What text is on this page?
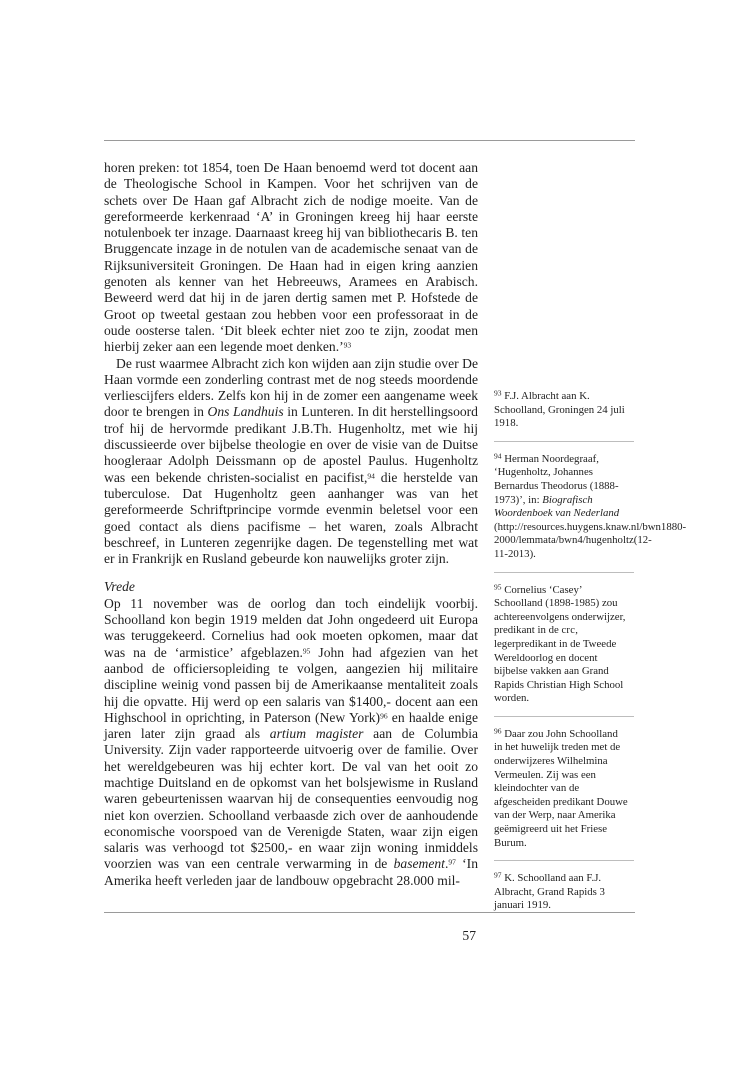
horen preken: tot 1854, toen De Haan benoemd werd tot docent aan de Theologische School in Kampen. Voor het schrijven van de schets over De Haan gaf Albracht zich de nodige moeite. Van de gereformeerde kerkenraad ‘A’ in Groningen kreeg hij haar eerste notulenboek ter inzage. Daarnaast kreeg hij van bibliothecaris B. ten Bruggencate inzage in de notulen van de academische senaat van de Rijksuniversiteit Groningen. De Haan had in eigen kring aanzien genoten als kenner van het Hebreeuws, Aramees en Arabisch. Beweerd werd dat hij in de jaren dertig samen met P. Hofstede de Groot op tweetal gestaan zou hebben voor een professoraat in de oude oosterse talen. ‘Dit bleek echter niet zoo te zijn, zoodat men hierbij zeker aan een legende moet denken.’$^{93}$

De rust waarmee Albracht zich kon wijden aan zijn studie over De Haan vormde een zonderling contrast met de nog steeds moordende verliescijfers elders. Zelfs kon hij in de zomer een aangename week door te brengen in Ons Landhuis in Lunteren. In dit herstellingsoord trof hij de hervormde predikant J.B.Th. Hugenholtz, met wie hij discussieerde over bijbelse theologie en over de visie van de Duitse hoogleraar Adolph Deissmann op de apostel Paulus. Hugenholtz was een bekende christen-socialist en pacifist,$^{94}$ die herstelde van tuberculose. Dat Hugenholtz geen aanhanger was van het gereformeerde Schriftprincipe vormde evenmin beletsel voor een goed contact als diens pacifisme – het waren, zoals Albracht beschreef, in Lunteren zegenrijke dagen. De tegenstelling met wat er in Frankrijk en Rusland gebeurde kon nauwelijks groter zijn.

Vrede

Op 11 november was de oorlog dan toch eindelijk voorbij. Schoolland kon begin 1919 melden dat John ongedeerd uit Europa was teruggekeerd. Cornelius had ook moeten opkomen, maar dat was na de ‘armistice’ afgeblazen.$^{95}$ John had afgezien van het aanbod de officiersopleiding te volgen, aangezien hij militaire discipline weinig vond passen bij de Amerikaanse mentaliteit zoals hij die opvatte. Hij werd op een salaris van $1400,- docent aan een Highschool in oprichting, in Paterson (New York)$^{96}$ en haalde enige jaren later zijn graad als artium magister aan de Columbia University. Zijn vader rapporteerde uitvoerig over de familie. Over het wereldgebeuren was hij echter kort. De val van het ooit zo machtige Duitsland en de opkomst van het bolsjewisme in Rusland waren gebeurtenissen waarvan hij de consequenties eenvoudig nog niet kon overzien. Schoolland verbaasde zich over de aanhoudende economische voorspoed van de Verenigde Staten, waar zijn eigen salaris was verhoogd tot $2500,- en waar zijn woning inmiddels voorzien was van een centrale verwarming in de basement.$^{97}$ ‘In Amerika heeft verleden jaar de landbouw opgebracht 28.000 mil-

$^{93}$ F.J. Albracht aan K. Schoolland, Groningen 24 juli 1918.
$^{94}$ Herman Noordegraaf, ‘Hugenholtz, Johannes Bernardus Theodorus (1888-1973)’, in: Biografisch Woordenboek van Nederland (http://resources.huygens.knaw.nl/bwn1880-2000/lemmata/bwn4/hugenholtz(12-11-2013).
$^{95}$ Cornelius ‘Casey’ Schoolland (1898-1985) zou achtereenvolgens onderwijzer, predikant in de crc, legerpredikant in de Tweede Wereldoorlog en docent bijbelse vakken aan Grand Rapids Christian High School worden.
$^{96}$ Daar zou John Schoolland in het huwelijk treden met de onderwijzeres Wilhelmina Vermeulen. Zij was een kleindochter van de afgescheiden predikant Douwe van der Werp, naar Amerika geëmigreerd uit het Friese Burum.
$^{97}$ K. Schoolland aan F.J. Albracht, Grand Rapids 3 januari 1919.
57
